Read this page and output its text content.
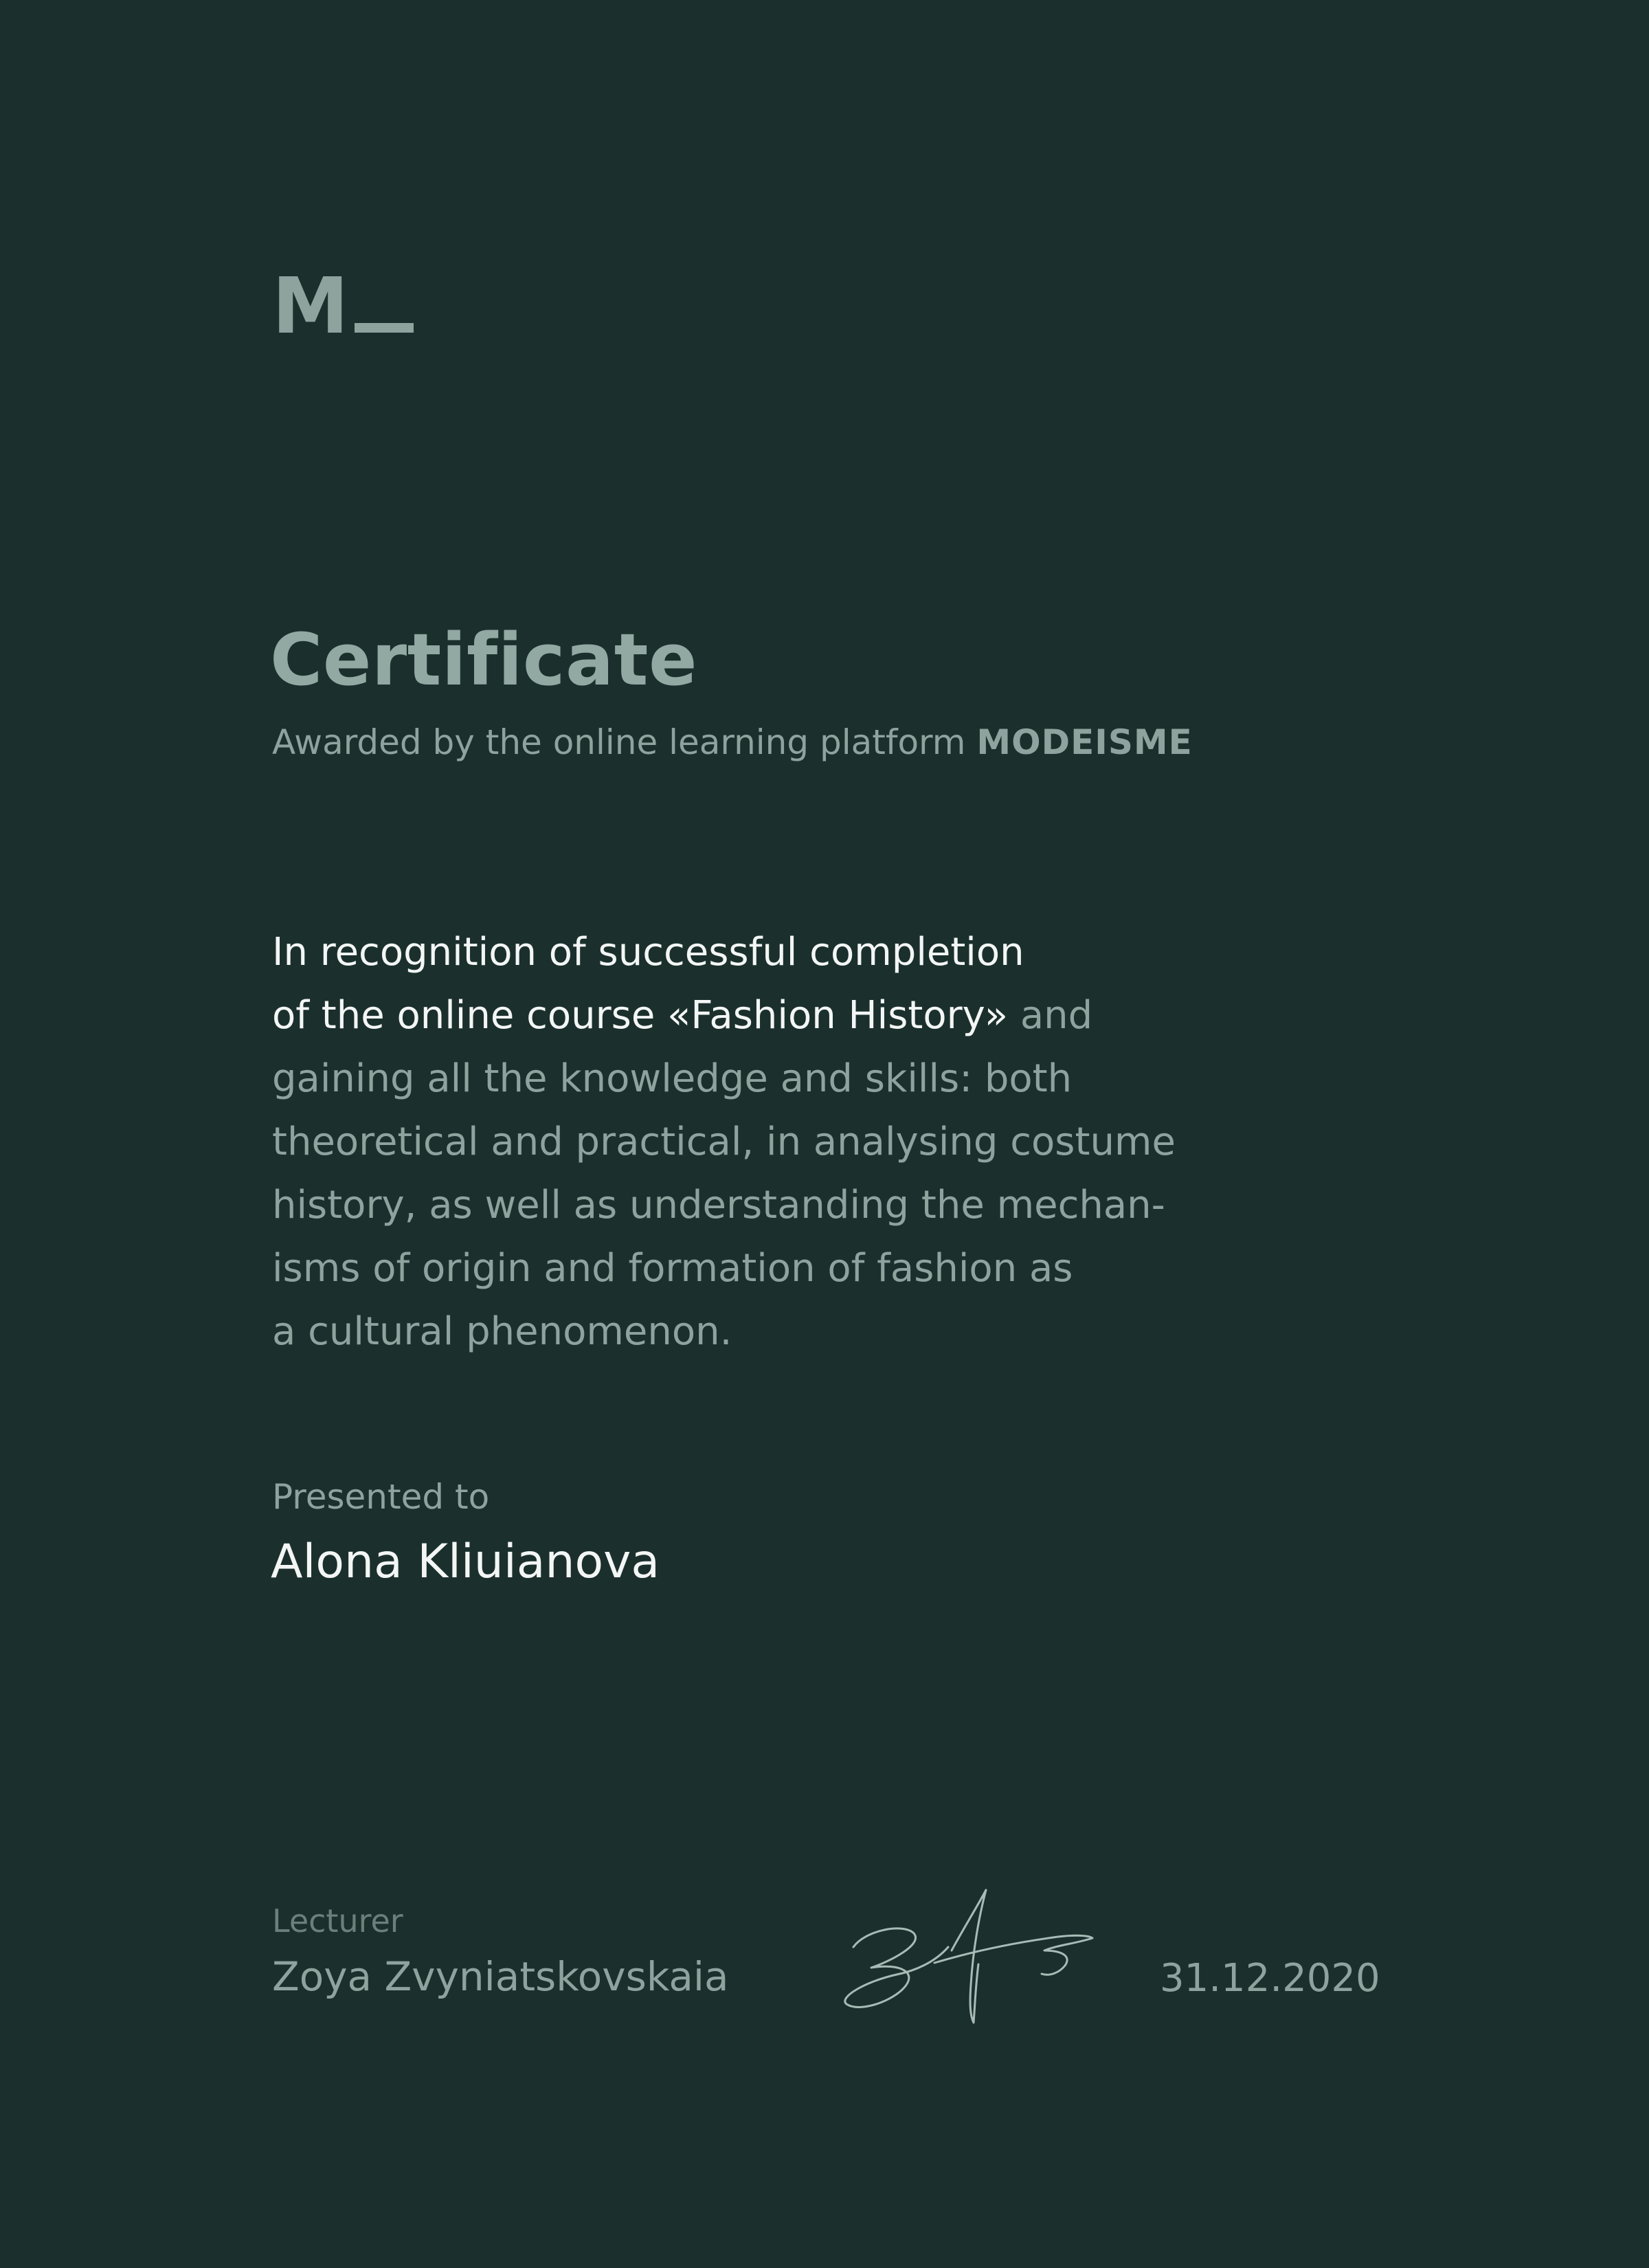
M
Certificate
Awarded by the online learning platform MODEISME
In recognition of successful completion
of the online course «Fashion History» and
gaining all the knowledge and skills: both
theoretical and practical, in analysing costume
history, as well as understanding the mechan-
isms of origin and formation of fashion as
a cultural phenomenon.
Presented to
Alona Kliuianova
Lecturer
Zoya Zvyniatskovskaia	31.12.2020
